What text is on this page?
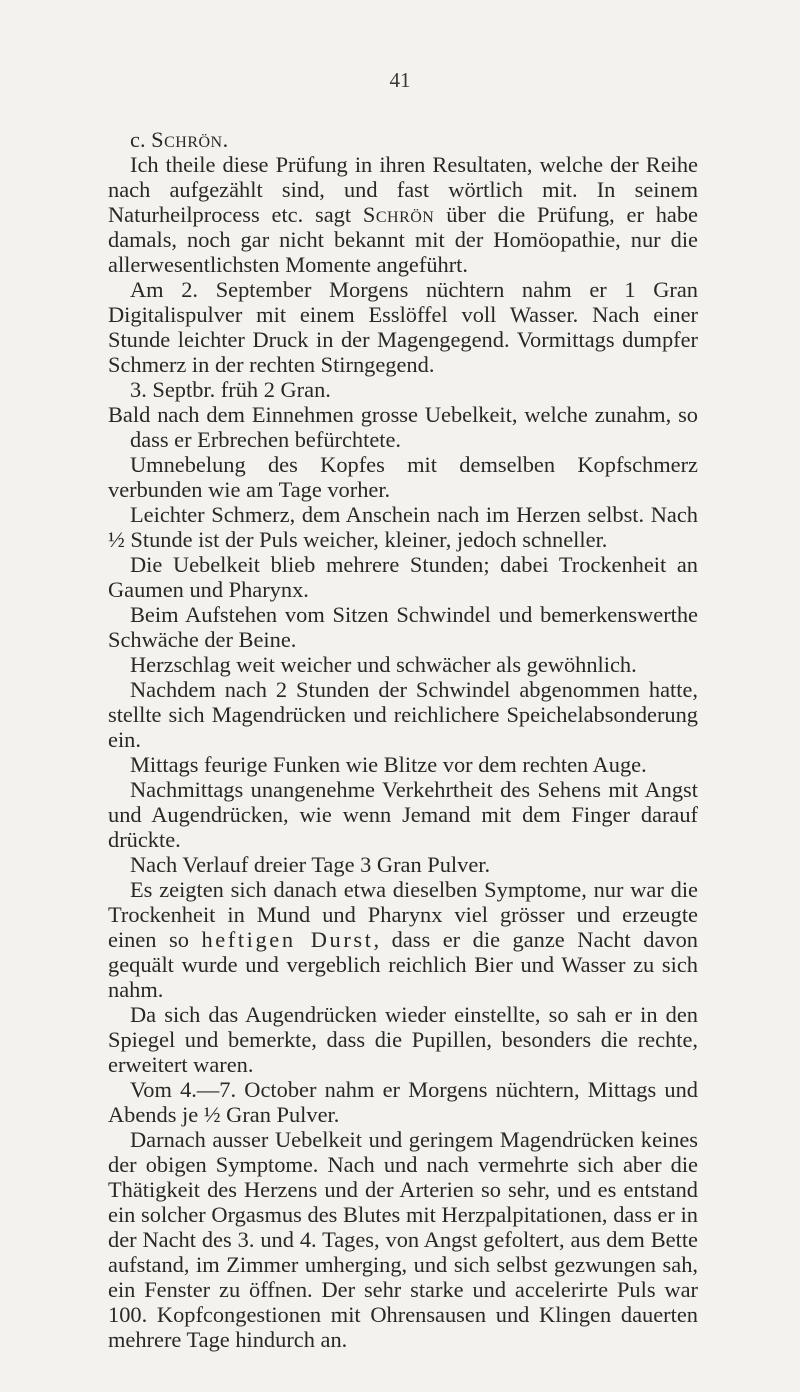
41

c. Schrön.

Ich theile diese Prüfung in ihren Resultaten, welche der Reihe nach aufgezählt sind, und fast wörtlich mit. In seinem Naturheilprocess etc. sagt Schrön über die Prüfung, er habe damals, noch gar nicht bekannt mit der Homöopathie, nur die allerwesentlichsten Momente angeführt.

Am 2. September Morgens nüchtern nahm er 1 Gran Digitalispulver mit einem Esslöffel voll Wasser. Nach einer Stunde leichter Druck in der Magengegend. Vormittags dumpfer Schmerz in der rechten Stirngegend.

3. Septbr. früh 2 Gran.

Bald nach dem Einnehmen grosse Uebelkeit, welche zunahm, so dass er Erbrechen befürchtete.

Umnebelung des Kopfes mit demselben Kopfschmerz verbunden wie am Tage vorher.

Leichter Schmerz, dem Anschein nach im Herzen selbst. Nach ½ Stunde ist der Puls weicher, kleiner, jedoch schneller.

Die Uebelkeit blieb mehrere Stunden; dabei Trockenheit an Gaumen und Pharynx.

Beim Aufstehen vom Sitzen Schwindel und bemerkenswerthe Schwäche der Beine.

Herzschlag weit weicher und schwächer als gewöhnlich.

Nachdem nach 2 Stunden der Schwindel abgenommen hatte, stellte sich Magendrücken und reichlichere Speichelabsonderung ein.

Mittags feurige Funken wie Blitze vor dem rechten Auge.

Nachmittags unangenehme Verkehrtheit des Sehens mit Angst und Augendrücken, wie wenn Jemand mit dem Finger darauf drückte.

Nach Verlauf dreier Tage 3 Gran Pulver.

Es zeigten sich danach etwa dieselben Symptome, nur war die Trockenheit in Mund und Pharynx viel grösser und erzeugte einen so heftigen Durst, dass er die ganze Nacht davon gequält wurde und vergeblich reichlich Bier und Wasser zu sich nahm.

Da sich das Augendrücken wieder einstellte, so sah er in den Spiegel und bemerkte, dass die Pupillen, besonders die rechte, erweitert waren.

Vom 4.—7. October nahm er Morgens nüchtern, Mittags und Abends je ½ Gran Pulver.

Darnach ausser Uebelkeit und geringem Magendrücken keines der obigen Symptome. Nach und nach vermehrte sich aber die Thätigkeit des Herzens und der Arterien so sehr, und es entstand ein solcher Orgasmus des Blutes mit Herzpalpitationen, dass er in der Nacht des 3. und 4. Tages, von Angst gefoltert, aus dem Bette aufstand, im Zimmer umherging, und sich selbst gezwungen sah, ein Fenster zu öffnen. Der sehr starke und accelerirte Puls war 100. Kopfcongestionen mit Ohrensausen und Klingen dauerten mehrere Tage hindurch an.
